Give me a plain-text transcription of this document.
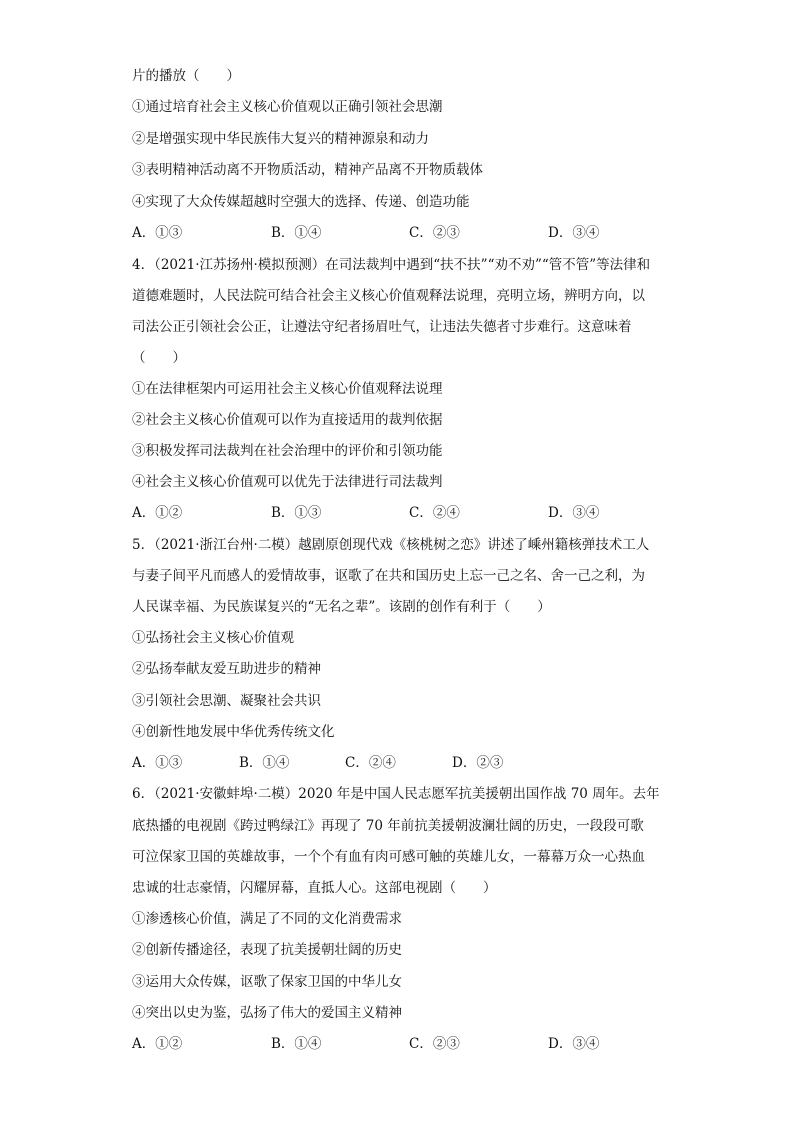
片的播放（　　）
①通过培育社会主义核心价值观以正确引领社会思潮
②是增强实现中华民族伟大复兴的精神源泉和动力
③表明精神活动离不开物质活动，精神产品离不开物质载体
④实现了大众传媒超越时空强大的选择、传递、创造功能
A．①③	B．①④	C．②③	D．③④
4．（2021·江苏扬州·模拟预测）在司法裁判中遇到“扶不扶”“劝不劝”“管不管”等法律和
道德难题时，人民法院可结合社会主义核心价值观释法说理，亮明立场，辨明方向，以
司法公正引领社会公正，让遵法守纪者扬眉吐气，让违法失德者寸步难行。这意味着
（　　）
①在法律框架内可运用社会主义核心价值观释法说理
②社会主义核心价值观可以作为直接适用的裁判依据
③积极发挥司法裁判在社会治理中的评价和引领功能
④社会主义核心价值观可以优先于法律进行司法裁判
A．①②	B．①③	C．②④	D．③④
5．（2021·浙江台州·二模）越剧原创现代戏《核桃树之恋》讲述了嵊州籍核弹技术工人
与妻子间平凡而感人的爱情故事，讴歌了在共和国历史上忘一己之名、舍一己之利，为
人民谋幸福、为民族谋复兴的“无名之辈”。该剧的创作有利于（　　）
①弘扬社会主义核心价值观
②弘扬奉献友爱互助进步的精神
③引领社会思潮、凝聚社会共识
④创新性地发展中华优秀传统文化
A．①③	B．①④	C．②④	D．②③
6．（2021·安徽蚌埠·二模）2020 年是中国人民志愿军抗美援朝出国作战 70 周年。去年
底热播的电视剧《跨过鸭绿江》再现了 70 年前抗美援朝波澜壮阔的历史，一段段可歌
可泣保家卫国的英雄故事，一个个有血有肉可感可触的英雄儿女，一幕幕万众一心热血
忠诚的壮志豪情，闪耀屏幕，直抵人心。这部电视剧（　　）
①渗透核心价值，满足了不同的文化消费需求
②创新传播途径，表现了抗美援朝壮阔的历史
③运用大众传媒，讴歌了保家卫国的中华儿女
④突出以史为鉴，弘扬了伟大的爱国主义精神
A．①②	B．①④	C．②③	D．③④
